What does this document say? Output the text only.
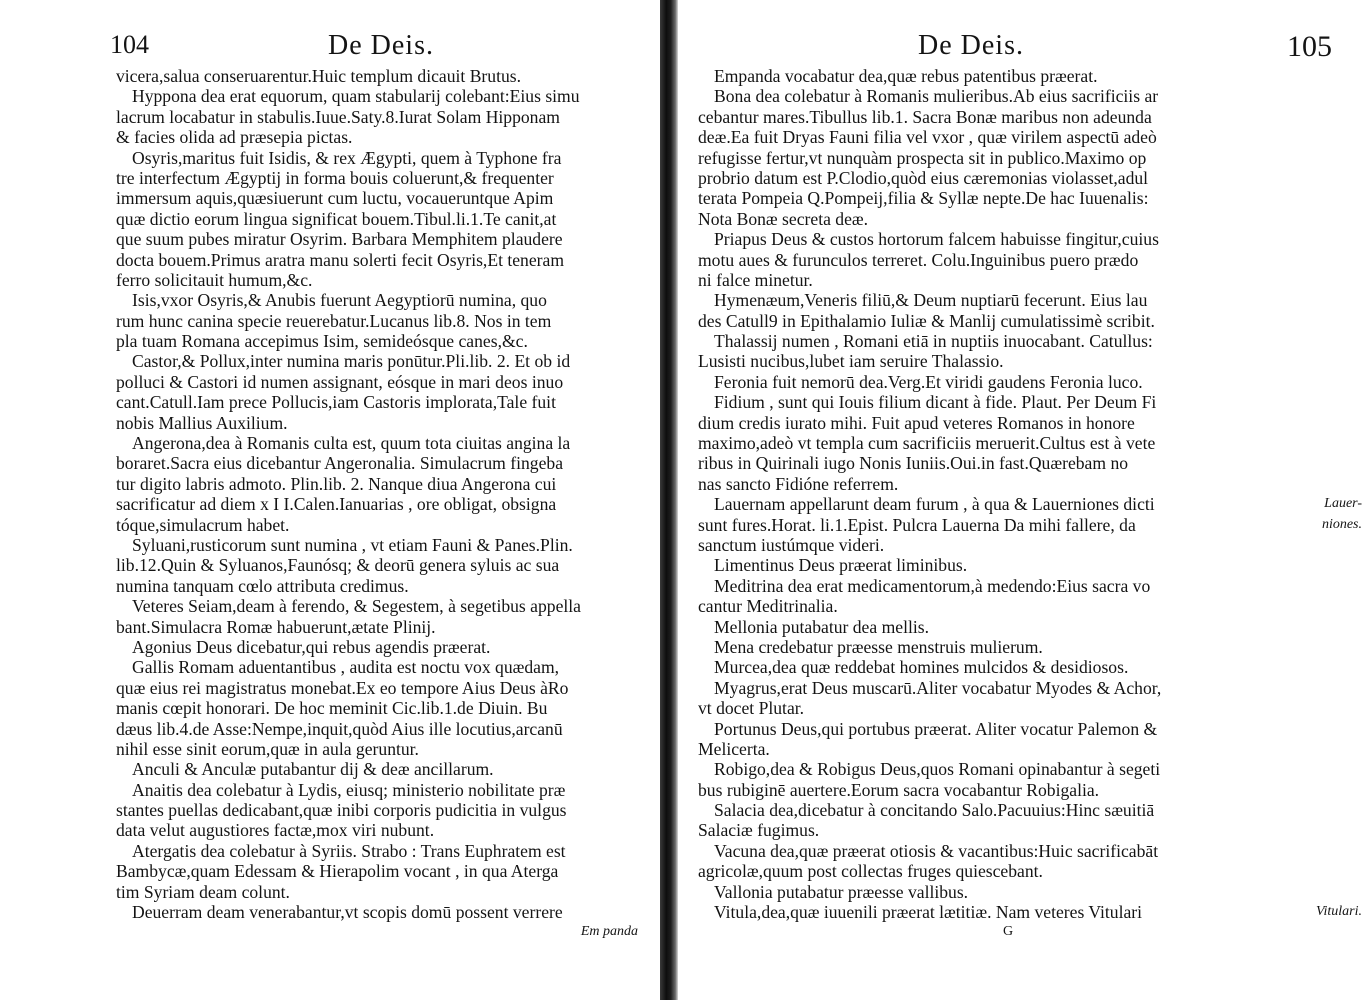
104	De Deis.
vicera,salua conseruarentur.Huic templum dicauit Brutus.
Hyppona dea erat equorum, quam stabularij colebant:Eius simu
lacrum locabatur in stabulis.Iuue.Saty.8.Iurat Solam Hipponam
& facies olida ad præsepia pictas.
Osyris,maritus fuit Isidis, & rex Ægypti, quem à Typhone fra
tre interfectum Ægyptij in forma bouis coluerunt,& frequenter
immersum aquis,quæsiuerunt cum luctu, vocaueruntque Apim
quæ dictio eorum lingua significat bouem.Tibul.li.1.Te canit,at
que suum pubes miratur Osyrim. Barbara Memphitem plaudere
docta bouem.Primus aratra manu solerti fecit Osyris,Et teneram
ferro solicitauit humum,&c.
Isis,vxor Osyris,& Anubis fuerunt Aegyptiorū numina, quo
rum hunc canina specie reuerebatur.Lucanus lib.8. Nos in tem
pla tuam Romana accepimus Isim, semideósque canes,&c.
Castor,& Pollux,inter numina maris ponūtur.Pli.lib. 2. Et ob id
polluci & Castori id numen assignant, eósque in mari deos inuo
cant.Catull.Iam prece Pollucis,iam Castoris implorata,Tale fuit
nobis Mallius Auxilium.
Angerona,dea à Romanis culta est, quum tota ciuitas angina la
boraret.Sacra eius dicebantur Angeronalia. Simulacrum fingeba
tur digito labris admoto. Plin.lib. 2. Nanque diua Angerona cui
sacrificatur ad diem x I I.Calen.Ianuarias , ore obligat, obsigna
tóque,simulacrum habet.
Syluani,rusticorum sunt numina , vt etiam Fauni & Panes.Plin.
lib.12.Quin & Syluanos,Faunósq; & deorū genera syluis ac sua
numina tanquam cœlo attributa credimus.
Veteres Seiam,deam à ferendo, & Segestem, à segetibus appella
bant.Simulacra Romæ habuerunt,ætate Plinij.
Agonius Deus dicebatur,qui rebus agendis præerat.
Gallis Romam aduentantibus , audita est noctu vox quædam,
quæ eius rei magistratus monebat.Ex eo tempore Aius Deus àRo
manis cœpit honorari. De hoc meminit Cic.lib.1.de Diuin. Bu
dæus lib.4.de Asse:Nempe,inquit,quòd Aius ille locutius,arcanū
nihil esse sinit eorum,quæ in aula geruntur.
Anculi & Anculæ putabantur dij & deæ ancillarum.
Anaitis dea colebatur à Lydis, eiusq; ministerio nobilitate præ
stantes puellas dedicabant,quæ inibi corporis pudicitia in vulgus
data velut augustiores factæ,mox viri nubunt.
Atergatis dea colebatur à Syriis. Strabo : Trans Euphratem est
Bambycæ,quam Edessam & Hierapolim vocant , in qua Aterga
tim Syriam deam colunt.
Deuerram deam venerabantur,vt scopis domū possent verrere
Em panda
De Deis.	105
Empanda vocabatur dea,quæ rebus patentibus præerat.
Bona dea colebatur à Romanis mulieribus.Ab eius sacrificiis ar
cebantur mares.Tibullus lib.1. Sacra Bonæ maribus non adeunda
deæ.Ea fuit Dryas Fauni filia vel vxor , quæ virilem aspectū adeò
refugisse fertur,vt nunquàm prospecta sit in publico.Maximo op
probrio datum est P.Clodio,quòd eius cæremonias violasset,adul
terata Pompeia Q.Pompeij,filia & Syllæ nepte.De hac Iuuenalis:
Nota Bonæ secreta deæ.
Priapus Deus & custos hortorum falcem habuisse fingitur,cuius
motu aues & furunculos terreret. Colu.Inguinibus puero prædo
ni falce minetur.
Hymenæum,Veneris filiū,& Deum nuptiarū fecerunt. Eius lau
des Catull9 in Epithalamio Iuliæ & Manlij cumulatissimè scribit.
Thalassij numen , Romani etiā in nuptiis inuocabant. Catullus:
Lusisti nucibus,lubet iam seruire Thalassio.
Feronia fuit nemorū dea.Verg.Et viridi gaudens Feronia luco.
Fidium , sunt qui Iouis filium dicant à fide. Plaut. Per Deum Fi
dium credis iurato mihi. Fuit apud veteres Romanos in honore
maximo,adeò vt templa cum sacrificiis meruerit.Cultus est à vete
ribus in Quirinali iugo Nonis Iuniis.Oui.in fast.Quærebam no
nas sancto Fidióne referrem.
Lauernam appellarunt deam furum , à qua & Lauerniones dicti
sunt fures.Horat. li.1.Epist. Pulcra Lauerna Da mihi fallere, da
sanctum iustúmque videri.
Limentinus Deus præerat liminibus.
Meditrina dea erat medicamentorum,à medendo:Eius sacra vo
cantur Meditrinalia.
Mellonia putabatur dea mellis.
Mena credebatur præesse menstruis mulierum.
Murcea,dea quæ reddebat homines mulcidos & desidiosos.
Myagrus,erat Deus muscarū.Aliter vocabatur Myodes & Achor,
vt docet Plutar.
Portunus Deus,qui portubus præerat. Aliter vocatur Palemon &
Melicerta.
Robigo,dea & Robigus Deus,quos Romani opinabantur à segeti
bus rubiginē auertere.Eorum sacra vocabantur Robigalia.
Salacia dea,dicebatur à concitando Salo.Pacuuius:Hinc sæuitiā
Salaciæ fugimus.
Vacuna dea,quæ præerat otiosis & vacantibus:Huic sacrificabāt
agricolæ,quum post collectas fruges quiescebant.
Vallonia putabatur præesse vallibus.
Vitula,dea,quæ iuuenili præerat lætitiæ. Nam veteres Vitulari
Lauer-
niones.
Vitulari.
G
